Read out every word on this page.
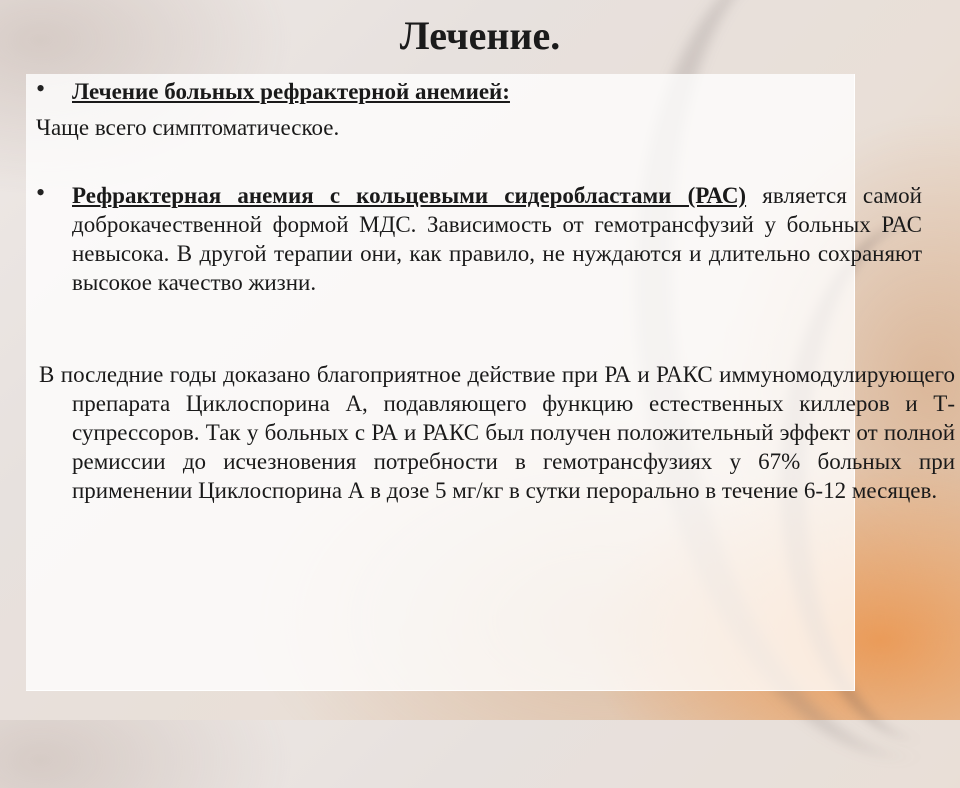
Лечение.
• Лечение больных рефрактерной анемией:
Чаще всего симптоматическое.
• Рефрактерная анемия с кольцевыми сидеробластами (РАС) является самой доброкачественной формой МДС. Зависимость от гемотрансфузий у больных РАС невысока. В другой терапии они, как правило, не нуждаются и длительно сохраняют высокое качество жизни.
В последние годы доказано благоприятное действие при РА и РАКС иммуномодулирующего препарата Циклоспорина А, подавляющего функцию естественных киллеров и Т-супрессоров. Так у больных с РА и РАКС был получен положительный эффект от полной ремиссии до исчезновения потребности в гемотрансфузиях у 67% больных при применении Циклоспорина А в дозе 5 мг/кг в сутки перорально в течение 6-12 месяцев.
